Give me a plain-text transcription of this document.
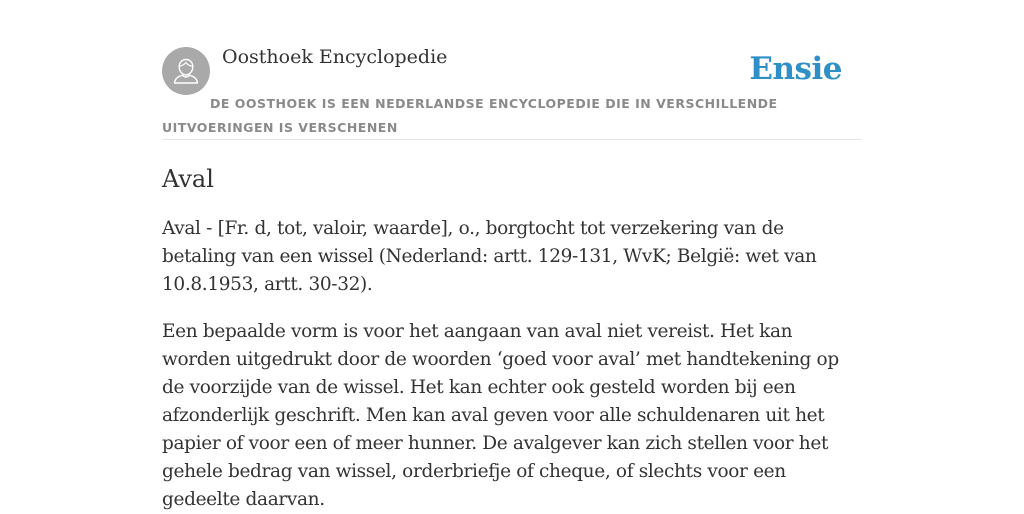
Oosthoek Encyclopedie	Ensie
DE OOSTHOEK IS EEN NEDERLANDSE ENCYCLOPEDIE DIE IN VERSCHILLENDE UITVOERINGEN IS VERSCHENEN
Aval

Aval - [Fr. d, tot, valoir, waarde], o., borgtocht tot verzekering van de betaling van een wissel (Nederland: artt. 129-131, WvK; België: wet van 10.8.1953, artt. 30-32).

Een bepaalde vorm is voor het aangaan van aval niet vereist. Het kan worden uitgedrukt door de woorden ‘goed voor aval’ met handtekening op de voorzijde van de wissel. Het kan echter ook gesteld worden bij een afzonderlijk geschrift. Men kan aval geven voor alle schuldenaren uit het papier of voor een of meer hunner. De avalgever kan zich stellen voor het gehele bedrag van wissel, orderbriefje of cheque, of slechts voor een gedeelte daarvan.
